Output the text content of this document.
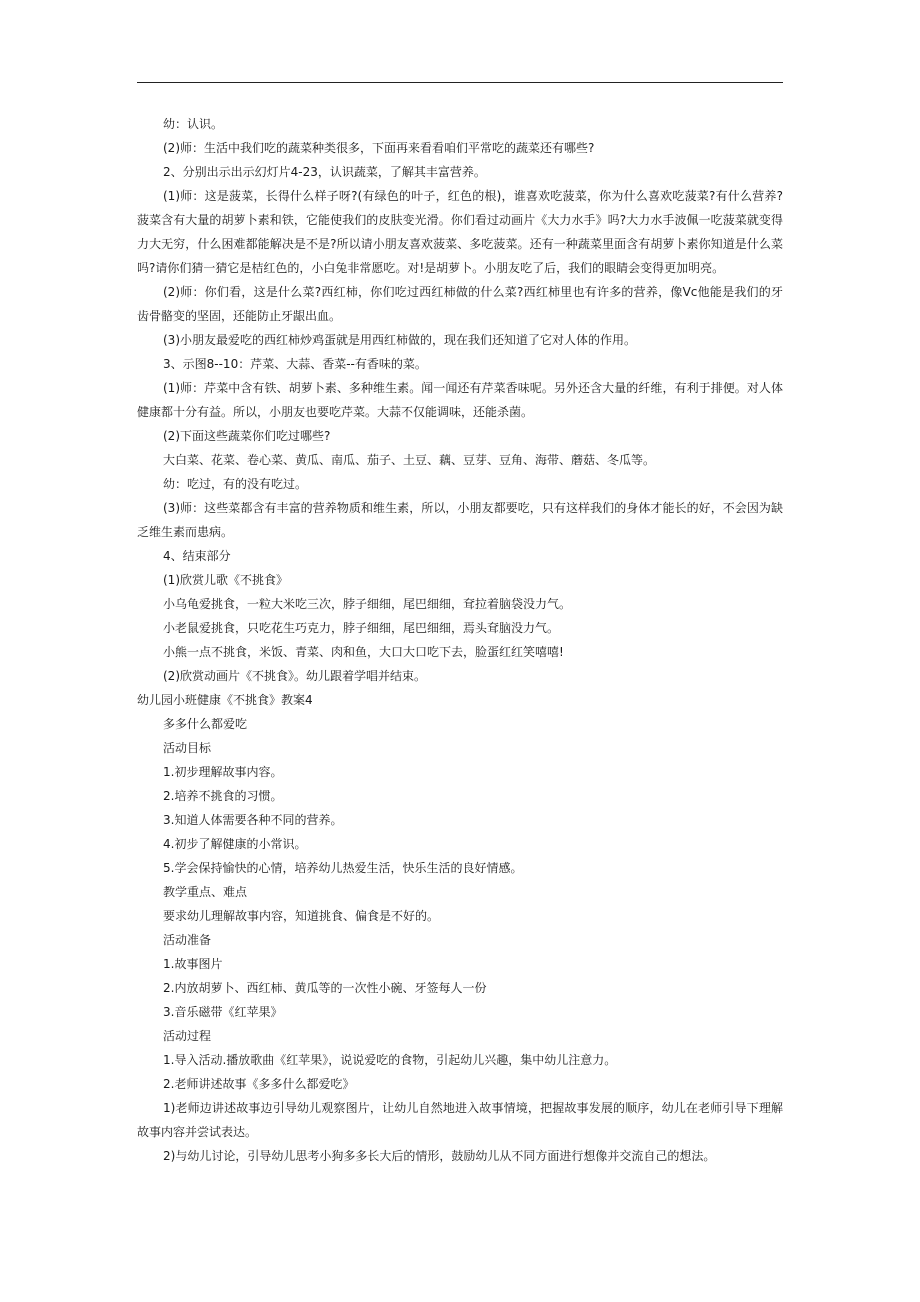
幼：认识。

(2)师：生活中我们吃的蔬菜种类很多，下面再来看看咱们平常吃的蔬菜还有哪些?

2、分别出示出示幻灯片4-23，认识蔬菜，了解其丰富营养。

(1)师：这是菠菜，长得什么样子呀?(有绿色的叶子，红色的根)，谁喜欢吃菠菜，你为什么喜欢吃菠菜?有什么营养?菠菜含有大量的胡萝卜素和铁，它能使我们的皮肤变光滑。你们看过动画片《大力水手》吗?大力水手波佩一吃菠菜就变得力大无穷，什么困难都能解决是不是?所以请小朋友喜欢菠菜、多吃菠菜。还有一种蔬菜里面含有胡萝卜素你知道是什么菜吗?请你们猜一猜它是桔红色的，小白兔非常愿吃。对!是胡萝卜。小朋友吃了后，我们的眼睛会变得更加明亮。

(2)师：你们看，这是什么菜?西红柿，你们吃过西红柿做的什么菜?西红柿里也有许多的营养，像Vc他能是我们的牙齿骨骼变的坚固，还能防止牙龈出血。

(3)小朋友最爱吃的西红柿炒鸡蛋就是用西红柿做的，现在我们还知道了它对人体的作用。

3、示图8--10：芹菜、大蒜、香菜--有香味的菜。

(1)师：芹菜中含有铁、胡萝卜素、多种维生素。闻一闻还有芹菜香味呢。另外还含大量的纤维，有利于排便。对人体健康都十分有益。所以，小朋友也要吃芹菜。大蒜不仅能调味，还能杀菌。

(2)下面这些蔬菜你们吃过哪些?

大白菜、花菜、卷心菜、黄瓜、南瓜、茄子、土豆、藕、豆芽、豆角、海带、蘑菇、冬瓜等。

幼：吃过，有的没有吃过。

(3)师：这些菜都含有丰富的营养物质和维生素，所以，小朋友都要吃，只有这样我们的身体才能长的好，不会因为缺乏维生素而患病。

4、结束部分

(1)欣赏儿歌《不挑食》

小乌龟爱挑食，一粒大米吃三次，脖子细细，尾巴细细，耷拉着脑袋没力气。

小老鼠爱挑食，只吃花生巧克力，脖子细细，尾巴细细，焉头耷脑没力气。

小熊一点不挑食，米饭、青菜、肉和鱼，大口大口吃下去，脸蛋红红笑嘻嘻!

(2)欣赏动画片《不挑食》。幼儿跟着学唱并结束。

幼儿园小班健康《不挑食》教案4

多多什么都爱吃

活动目标

1.初步理解故事内容。

2.培养不挑食的习惯。

3.知道人体需要各种不同的营养。

4.初步了解健康的小常识。

5.学会保持愉快的心情，培养幼儿热爱生活，快乐生活的良好情感。

教学重点、难点

要求幼儿理解故事内容，知道挑食、偏食是不好的。

活动准备

1.故事图片

2.内放胡萝卜、西红柿、黄瓜等的一次性小碗、牙签每人一份

3.音乐磁带《红苹果》

活动过程

1.导入活动.播放歌曲《红苹果》，说说爱吃的食物，引起幼儿兴趣，集中幼儿注意力。

2.老师讲述故事《多多什么都爱吃》

1)老师边讲述故事边引导幼儿观察图片，让幼儿自然地进入故事情境，把握故事发展的顺序，幼儿在老师引导下理解故事内容并尝试表达。

2)与幼儿讨论，引导幼儿思考小狗多多长大后的情形，鼓励幼儿从不同方面进行想像并交流自己的想法。
